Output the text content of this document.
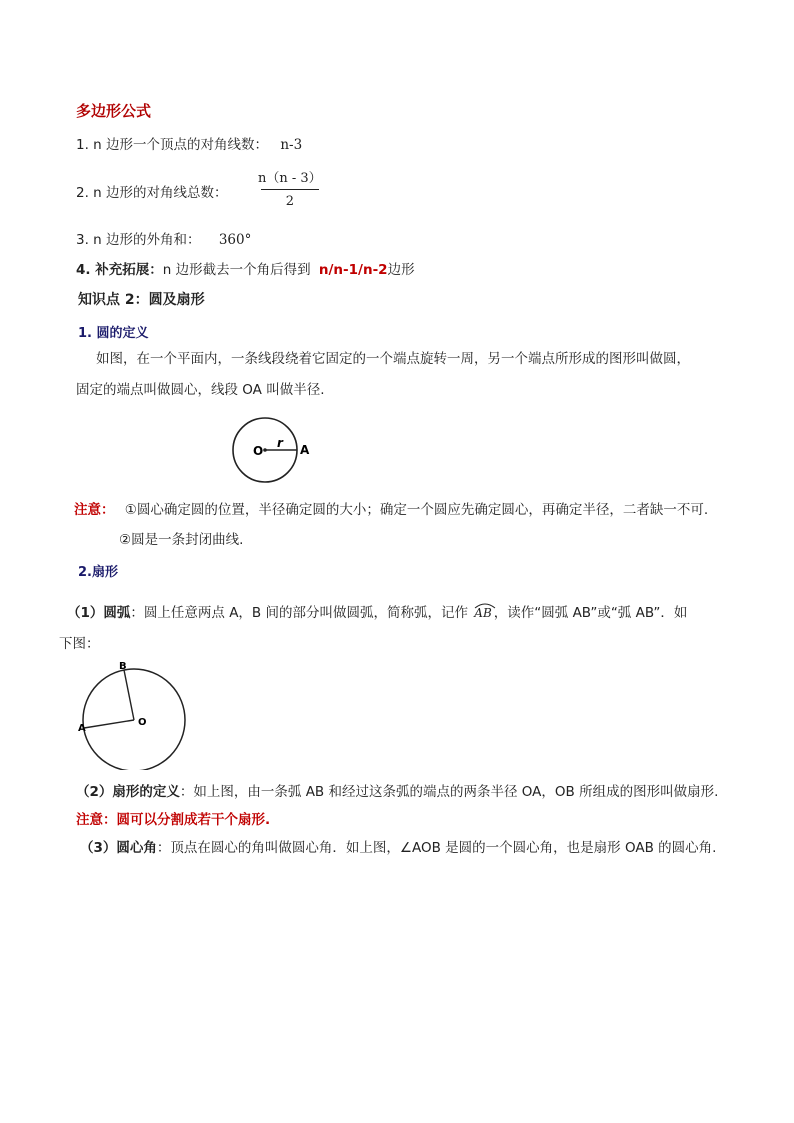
多边形公式
1. n 边形一个顶点的对角线数： n-3
2. n 边形的对角线总数：
n（n - 3）
2
3. n 边形的外角和： 360°
4. 补充拓展：n 边形截去一个角后得到 n/n-1/n-2边形
知识点 2：圆及扇形
1. 圆的定义
如图，在一个平面内，一条线段绕着它固定的一个端点旋转一周，另一个端点所形成的图形叫做圆，
固定的端点叫做圆心，线段 OA 叫做半径.
O	A
r
注意： ①圆心确定圆的位置，半径确定圆的大小；确定一个圆应先确定圆心，再确定半径，二者缺一不可.
②圆是一条封闭曲线.
2.扇形
（1）圆弧：圆上任意两点 A，B 间的部分叫做圆弧，简称弧，记作 AB ，读作“圆弧 AB”或“弧 AB”．如
下图：
O
A
B
（2）扇形的定义：如上图，由一条弧 AB 和经过这条弧的端点的两条半径 OA，OB 所组成的图形叫做扇形.
注意：圆可以分割成若干个扇形.
（3）圆心角：顶点在圆心的角叫做圆心角．如上图，∠AOB 是圆的一个圆心角，也是扇形 OAB 的圆心角.
